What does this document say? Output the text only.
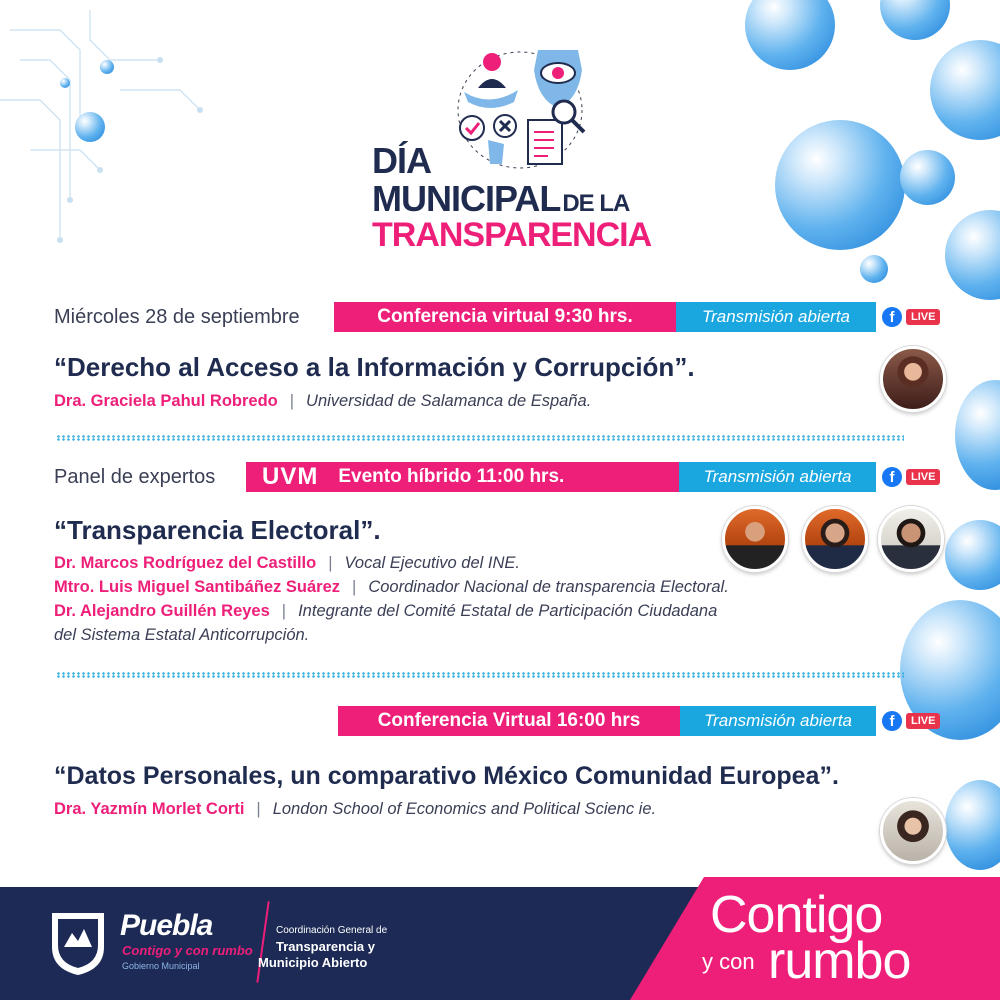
DÍA
MUNICIPALDE LA
TRANSPARENCIA
Miércoles 28 de septiembre	Conferencia virtual 9:30 hrs.	Transmisión abierta	f	LIVE
“Derecho al Acceso a la Información y Corrupción”.
Dra. Graciela Pahul Robredo | Universidad de Salamanca de España.
Panel de expertos UVM Evento híbrido 11:00 hrs.	Transmisión abierta	f	LIVE
“Transparencia Electoral”.
Dr. Marcos Rodríguez del Castillo | Vocal Ejecutivo del INE.
Mtro. Luis Miguel Santibáñez Suárez | Coordinador Nacional de transparencia Electoral.
Dr. Alejandro Guillén Reyes | Integrante del Comité Estatal de Participación Ciudadana
del Sistema Estatal Anticorrupción.
Conferencia Virtual 16:00 hrs	Transmisión abierta	f	LIVE
“Datos Personales, un comparativo México Comunidad Europea”.
Dra. Yazmín Morlet Corti | London School of Economics and Political Scienc ie.
Puebla
Contigo y con rumbo
Gobierno Municipal
Coordinación General de
Transparencia y
Municipio Abierto
Contigo
y con rumbo
